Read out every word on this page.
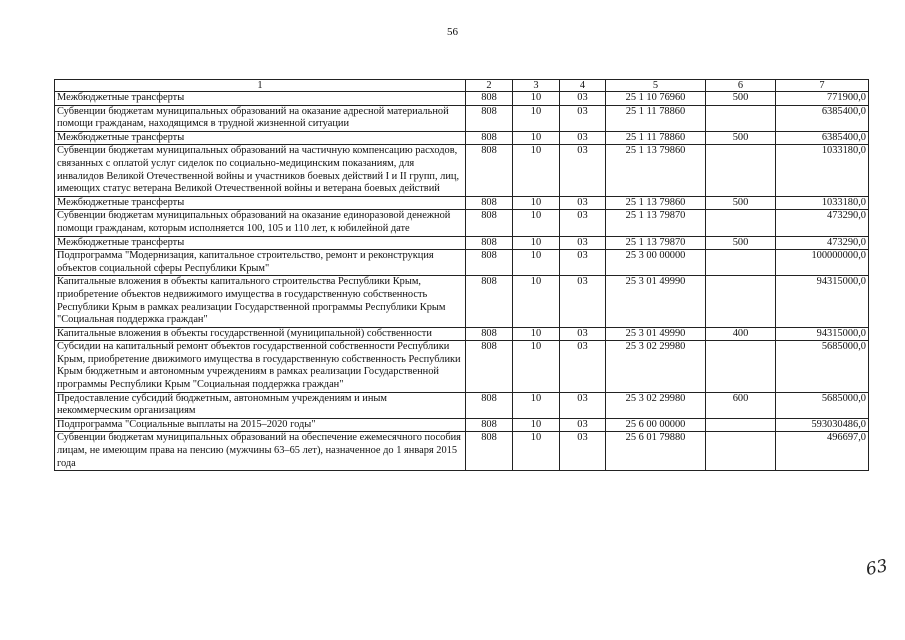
56
1	2	3	4	5	6	7
Межбюджетные трансферты	808	10	03	25 1 10 76960	500	771900,0
Субвенции бюджетам муниципальных образований на оказание адресной материальной помощи гражданам, находящимся в трудной жизненной ситуации	808	10	03	25 1 11 78860		6385400,0
Межбюджетные трансферты	808	10	03	25 1 11 78860	500	6385400,0
Субвенции бюджетам муниципальных образований на частичную компенсацию расходов, связанных с оплатой услуг сиделок по социально-медицинским показаниям, для инвалидов Великой Отечественной войны и участников боевых действий I и II групп, лиц, имеющих статус ветерана Великой Отечественной войны и ветерана боевых действий	808	10	03	25 1 13 79860		1033180,0
Межбюджетные трансферты	808	10	03	25 1 13 79860	500	1033180,0
Субвенции бюджетам муниципальных образований на оказание единоразовой денежной помощи гражданам, которым исполняется 100, 105 и 110 лет, к юбилейной дате	808	10	03	25 1 13 79870		473290,0
Межбюджетные трансферты	808	10	03	25 1 13 79870	500	473290,0
Подпрограмма "Модернизация, капитальное строительство, ремонт и реконструкция объектов социальной сферы Республики Крым"	808	10	03	25 3 00 00000		100000000,0
Капитальные вложения в объекты капитального строительства Республики Крым, приобретение объектов недвижимого имущества в государственную собственность Республики Крым в рамках реализации Государственной программы Республики Крым "Социальная поддержка граждан"	808	10	03	25 3 01 49990		94315000,0
Капитальные вложения в объекты государственной (муниципальной) собственности	808	10	03	25 3 01 49990	400	94315000,0
Субсидии на капитальный ремонт объектов государственной собственности Республики Крым, приобретение движимого имущества в государственную собственность Республики Крым бюджетным и автономным учреждениям в рамках реализации Государственной программы Республики Крым "Социальная поддержка граждан"	808	10	03	25 3 02 29980		5685000,0
Предоставление субсидий бюджетным, автономным учреждениям и иным некоммерческим организациям	808	10	03	25 3 02 29980	600	5685000,0
Подпрограмма "Социальные выплаты на 2015–2020 годы"	808	10	03	25 6 00 00000		593030486,0
Субвенции бюджетам муниципальных образований на обеспечение ежемесячного пособия лицам, не имеющим права на пенсию (мужчины 63–65 лет), назначенное до 1 января 2015 года	808	10	03	25 6 01 79880		496697,0
63
